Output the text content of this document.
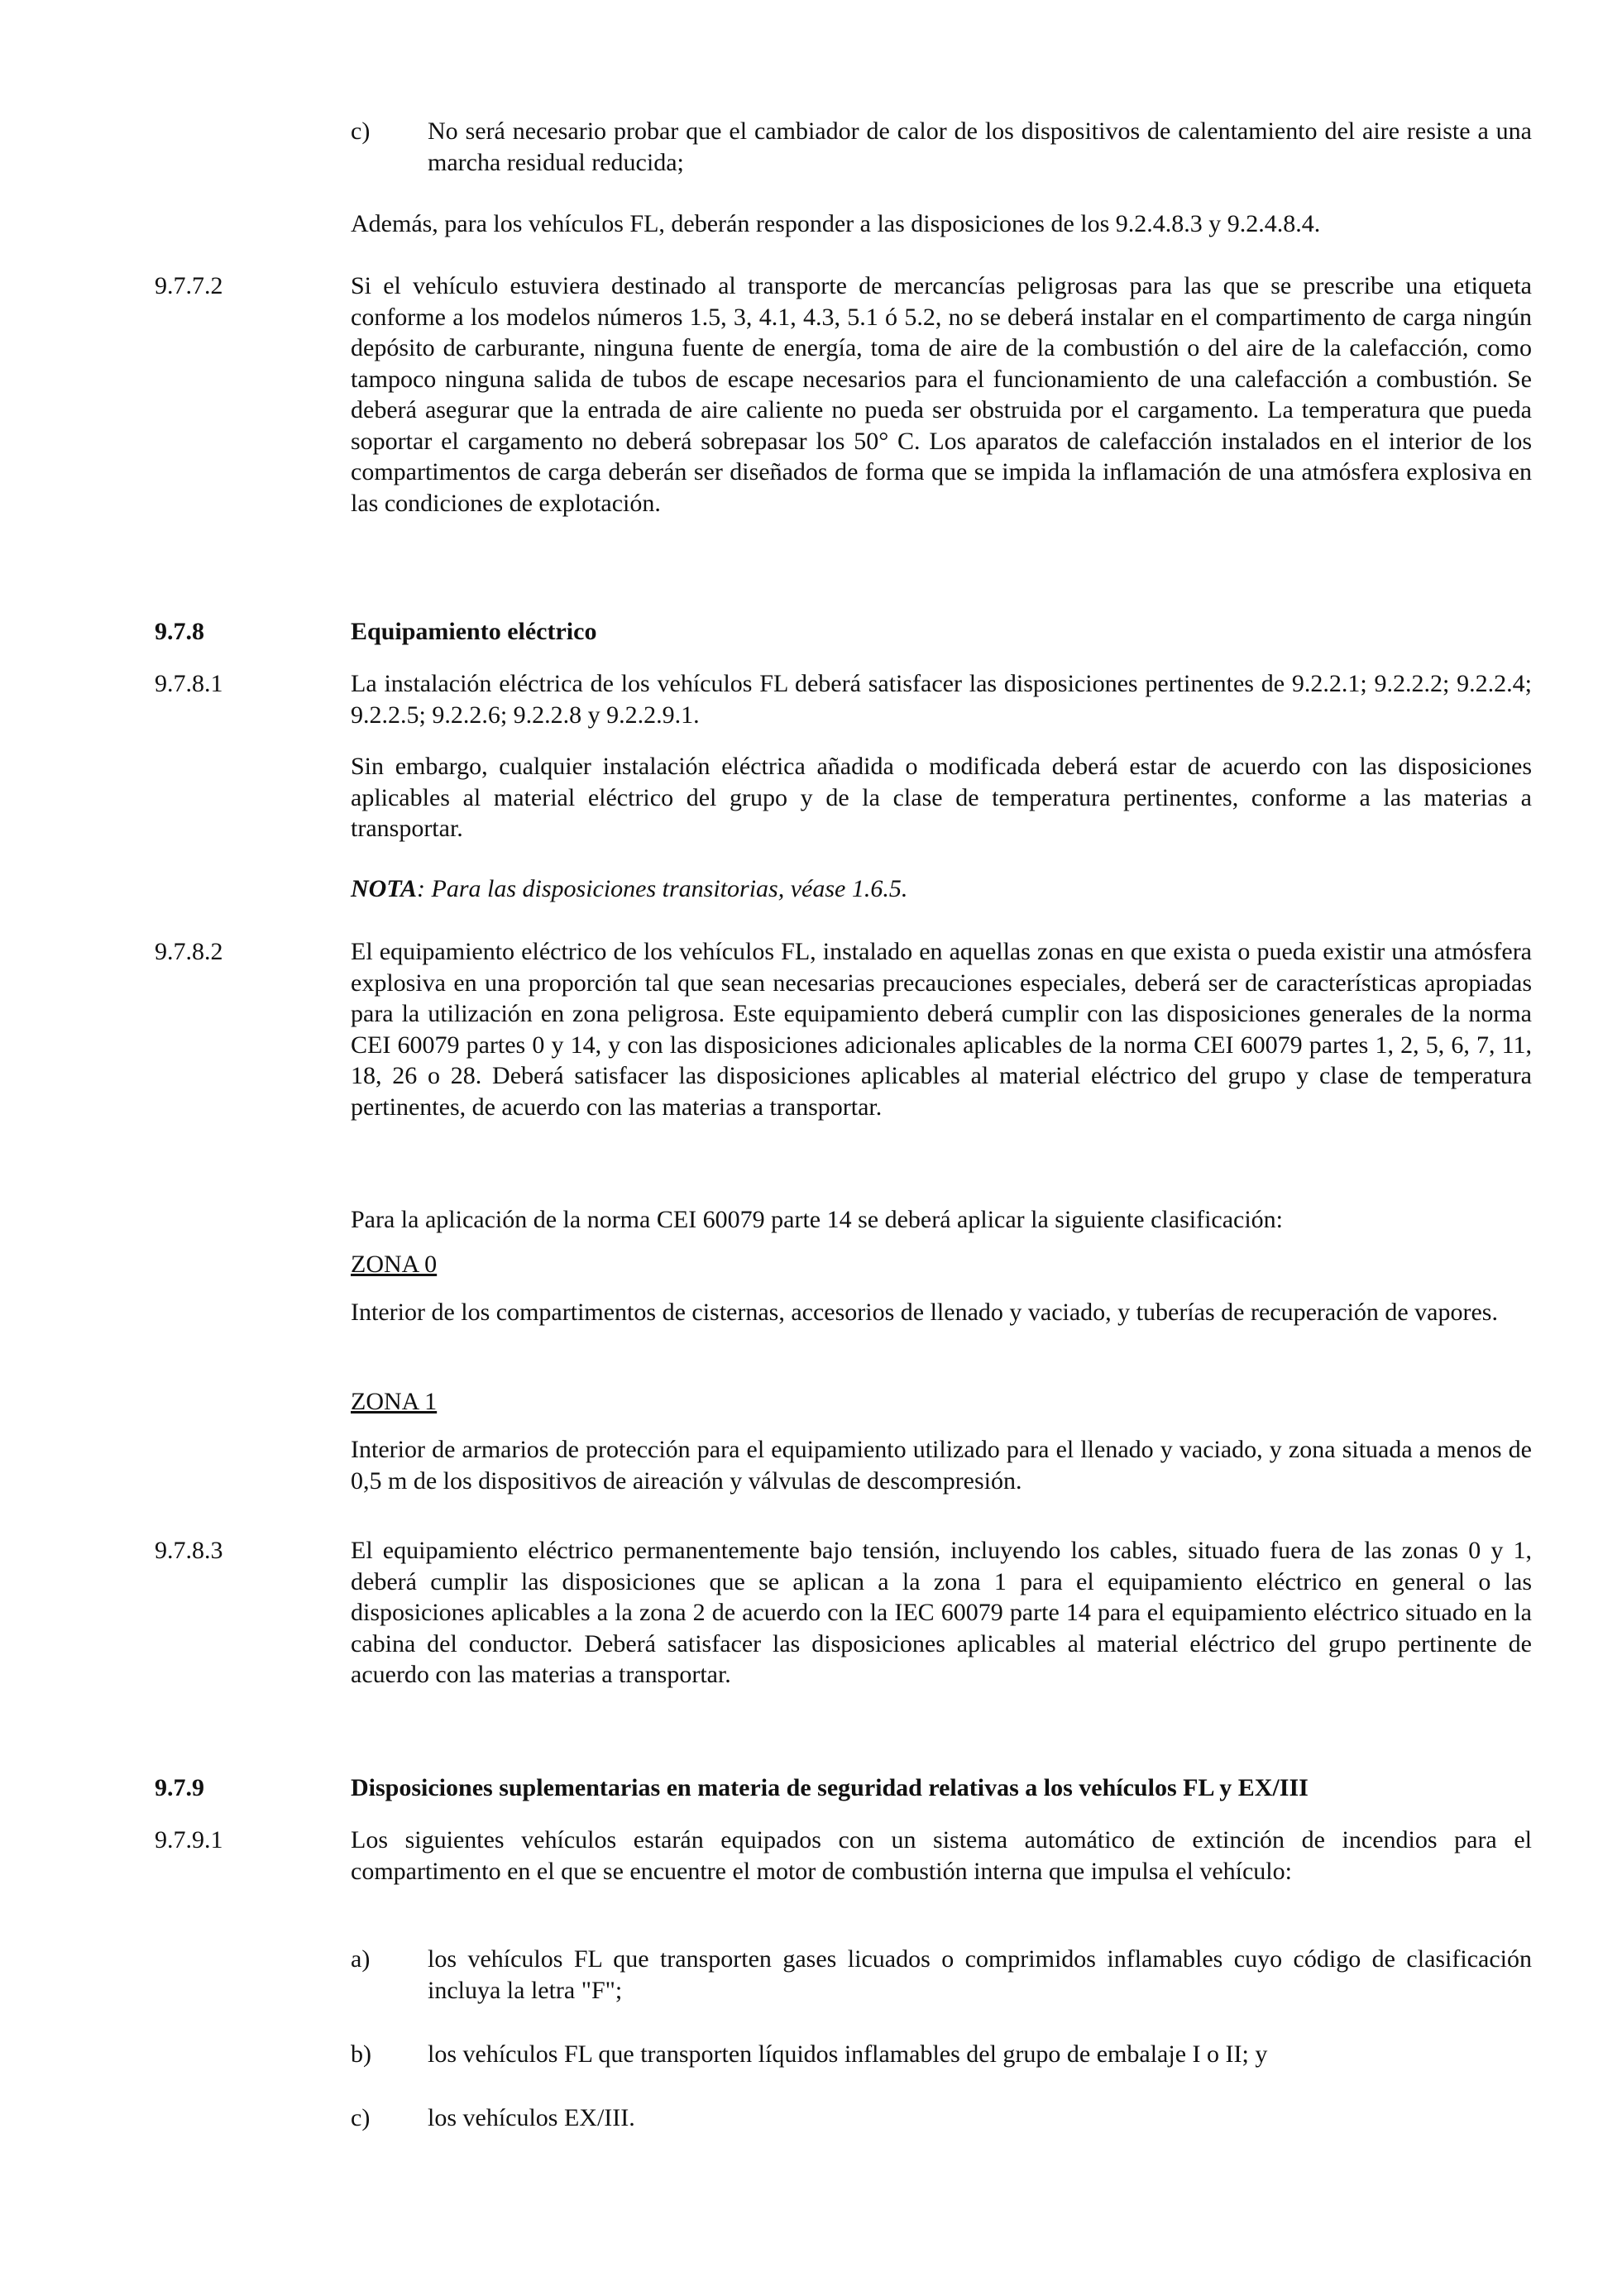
c) No será necesario probar que el cambiador de calor de los dispositivos de calentamiento del aire resiste a una marcha residual reducida;

Además, para los vehículos FL, deberán responder a las disposiciones de los 9.2.4.8.3 y 9.2.4.8.4.

9.7.7.2	Si el vehículo estuviera destinado al transporte de mercancías peligrosas para las que se prescribe una etiqueta conforme a los modelos números 1.5, 3, 4.1, 4.3, 5.1 ó 5.2, no se deberá instalar en el compartimento de carga ningún depósito de carburante, ninguna fuente de energía, toma de aire de la combustión o del aire de la calefacción, como tampoco ninguna salida de tubos de escape necesarios para el funcionamiento de una calefacción a combustión. Se deberá asegurar que la entrada de aire caliente no pueda ser obstruida por el cargamento. La temperatura que pueda soportar el cargamento no deberá sobrepasar los 50° C. Los aparatos de calefacción instalados en el interior de los compartimentos de carga deberán ser diseñados de forma que se impida la inflamación de una atmósfera explosiva en las condiciones de explotación.

9.7.8	Equipamiento eléctrico
9.7.8.1	La instalación eléctrica de los vehículos FL deberá satisfacer las disposiciones pertinentes de 9.2.2.1; 9.2.2.2; 9.2.2.4; 9.2.2.5; 9.2.2.6; 9.2.2.8 y 9.2.2.9.1.

Sin embargo, cualquier instalación eléctrica añadida o modificada deberá estar de acuerdo con las disposiciones aplicables al material eléctrico del grupo y de la clase de temperatura pertinentes, conforme a las materias a transportar.

NOTA: Para las disposiciones transitorias, véase 1.6.5.

9.7.8.2	El equipamiento eléctrico de los vehículos FL, instalado en aquellas zonas en que exista o pueda existir una atmósfera explosiva en una proporción tal que sean necesarias precauciones especiales, deberá ser de características apropiadas para la utilización en zona peligrosa. Este equipamiento deberá cumplir con las disposiciones generales de la norma CEI 60079 partes 0 y 14, y con las disposiciones adicionales aplicables de la norma CEI 60079 partes 1, 2, 5, 6, 7, 11, 18, 26 o 28. Deberá satisfacer las disposiciones aplicables al material eléctrico del grupo y clase de temperatura pertinentes, de acuerdo con las materias a transportar.

Para la aplicación de la norma CEI 60079 parte 14 se deberá aplicar la siguiente clasificación:

ZONA 0

Interior de los compartimentos de cisternas, accesorios de llenado y vaciado, y tuberías de recuperación de vapores.

ZONA 1

Interior de armarios de protección para el equipamiento utilizado para el llenado y vaciado, y zona situada a menos de 0,5 m de los dispositivos de aireación y válvulas de descompresión.

9.7.8.3	El equipamiento eléctrico permanentemente bajo tensión, incluyendo los cables, situado fuera de las zonas 0 y 1, deberá cumplir las disposiciones que se aplican a la zona 1 para el equipamiento eléctrico en general o las disposiciones aplicables a la zona 2 de acuerdo con la IEC 60079 parte 14 para el equipamiento eléctrico situado en la cabina del conductor. Deberá satisfacer las disposiciones aplicables al material eléctrico del grupo pertinente de acuerdo con las materias a transportar.

9.7.9	Disposiciones suplementarias en materia de seguridad relativas a los vehículos FL y EX/III
9.7.9.1	Los siguientes vehículos estarán equipados con un sistema automático de extinción de incendios para el compartimento en el que se encuentre el motor de combustión interna que impulsa el vehículo:

a) los vehículos FL que transporten gases licuados o comprimidos inflamables cuyo código de clasificación incluya la letra "F";

b) los vehículos FL que transporten líquidos inflamables del grupo de embalaje I o II; y

c) los vehículos EX/III.
